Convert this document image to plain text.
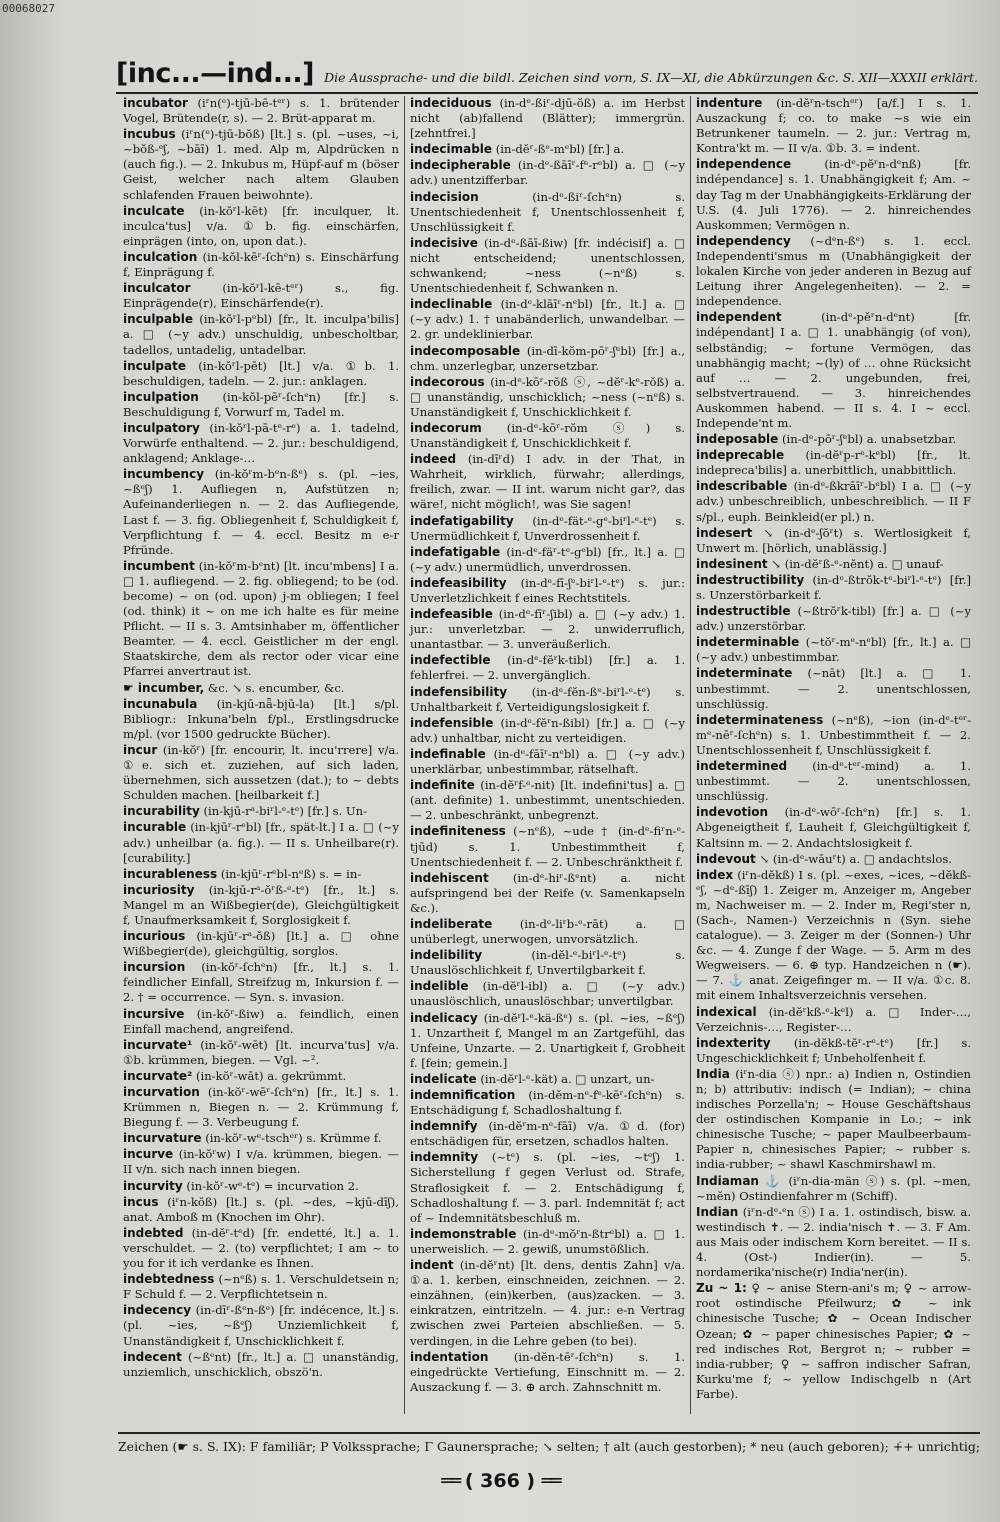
00068027
[inc...—ind...] Die Aussprache- und die bildl. Zeichen sind vorn, S. IX—XI, die Abkürzungen &c. S. XII—XXXII erklärt.
incubator (iʳn(ᵉ)-tjū-bē-tᵉʳ) s. 1. brütender Vogel, Brütende(r, s). — 2. Brüt-apparat m.
incubus (iʳn(ᵉ)-tjū-bŏß) [lt.] s. (pl. ~uses, ~i, ~bŏß-ᵉʃ, ~bāī) 1. med. Alp m, Alpdrücken n (auch fig.). — 2. Inkubus m, Hüpf-auf m (böser Geist, welcher nach altem Glauben schlafenden Frauen beiwohnte).
inculcate (in-kŏʳl-kēt) [fr. inculquer, lt. inculca'tus] v/a. ①b. fig. einschärfen, einprägen (into, on, upon dat.).
inculcation (in-kŏl-kēʳ-ſchᵉn) s. Einschärfung f, Einprägung f.
inculcator	(in-kŏʳl-kē-tᵉʳ) s., fig. Einprägende(r), Einschärfende(r).
inculpable (in-kŏʳl-pᵉbl) [fr., lt. inculpa'bilis] a. □ (~y adv.) unschuldig, unbescholtbar, tadellos, untadelig, untadelbar.
inculpate (in-kŏʳl-pēt) [lt.] v/a. ①b. 1. beschuldigen, tadeln. — 2. jur.: anklagen.
inculpation (in-kŏl-pēʳ-ſchᵉn) [fr.] s. Beschuldigung f, Vorwurf m, Tadel m.
inculpatory (in-kŏʳl-pā-tᵉ-rᵉ) a. 1. tadelnd, Vorwürfe enthaltend. — 2. jur.: beschuldigend, anklagend; Anklage-…
incumbency (in-kŏʳm-bᵉn-ßᵉ) s. (pl. ~ies, ~ßᵉʃ) 1. Aufliegen n, Aufstützen n; Aufeinanderliegen n. — 2. das Aufliegende, Last f. — 3. fig. Obliegenheit f, Schuldigkeit f, Verpflichtung f. — 4. eccl. Besitz m e-r Pfründe.
incumbent (in-kŏʳm-bᵉnt) [lt. incu'mbens] I a. □ 1. aufliegend. — 2. fig. obliegend; to be (od. become) ~ on (od. upon) j-m obliegen; I feel (od. think) it ~ on me ich halte es für meine Pflicht. — II s. 3. Amtsinhaber m, öffentlicher Beamter. — 4. eccl. Geistlicher m der engl. Staatskirche, dem als rector oder vicar eine Pfarrei anvertraut ist.
☛ incumber, &c. ↘ s. encumber, &c.
incunabula (in-kjū-nǟ-bjū-la) [lt.] s/pl. Bibliogr.: Inkuna'beln f/pl., Erstlingsdrucke m/pl. (vor 1500 gedruckte Bücher).
incur (in-kŏʳ) [fr. encourir, lt. incu'rrere] v/a. ①e. sich et. zuziehen, auf sich laden, übernehmen, sich aussetzen (dat.); to ~ debts Schulden machen. [heilbarkeit f.]
incurability (in-kjū-rᵃ-biʳl-ᵉ-tᵉ) [fr.] s. Un-
incurable (in-kjūʳ-rᵉbl) [fr., spät-lt.] I a. □ (~y adv.) unheilbar (a. fig.). — II s. Unheilbare(r). [curability.]
incurableness (in-kjūʳ-rᵉbl-nᵉß) s. = in-
incuriosity (in-kjū-rᵃ-ŏʳß-ᵉ-tᵉ) [fr., lt.] s. Mangel m an Wißbegier(de), Gleichgültigkeit f, Unaufmerksamkeit f, Sorglosigkeit f.
incurious (in-kjūʳ-rᵃ-ŏß) [lt.] a. □ ohne Wißbegier(de), gleichgültig, sorglos.
incursion (in-kŏʳ-ſchᵉn) [fr., lt.] s. 1. feindlicher Einfall, Streifzug m, Inkursion f. — 2. † = occurrence. — Syn. s. invasion.
incursive (in-kŏʳ-ßiw) a. feindlich, einen Einfall machend, angreifend.
incurvate¹ (in-kŏʳ-wēt) [lt. incurva'tus] v/a. ①b. krümmen, biegen. — Vgl. ~².
incurvate² (in-kŏʳ-wāt) a. gekrümmt.
incurvation (in-kŏʳ-wēʳ-ſchᵉn) [fr., lt.] s. 1. Krümmen n, Biegen n. — 2. Krümmung f, Biegung f. — 3. Verbeugung f.
incurvature (in-kŏʳ-wᵉ-tschᵉʳ) s. Krümme f.
incurve (in-kŏʳw) I v/a. krümmen, biegen. — II v/n. sich nach innen biegen.
incurvity (in-kŏʳ-wᵉ-tᵉ) = incurvation 2.
incus (iʳn-kŏß) [lt.] s. (pl. ~des, ~kjū-dīʃ), anat. Amboß m (Knochen im Ohr).
indebted (in-dĕʳ-tᵉd) [fr. endetté, lt.] a. 1. verschuldet. — 2. (to) verpflichtet; I am ~ to you for it ich verdanke es Ihnen.
indebtedness (~nᵉß) s. 1. Verschuldetsein n; F Schuld f. — 2. Verpflichtetsein n.
indecency (in-dīʳ-ßᵉn-ßᵉ) [fr. indécence, lt.] s. (pl. ~ies, ~ßᵉʃ) Unziemlichkeit f, Unanständigkeit f, Unschicklichkeit f.
indecent (~ßᵉnt) [fr., lt.] a. □ unanständig, unziemlich, unschicklich, obszö'n.
indeciduous (in-dᵉ-ßiʳ-djū-ŏß) a. im Herbst nicht (ab)fallend (Blätter); immergrün. [zehntfrei.]
indecimable (in-dĕʳ-ßᵉ-mᵉbl) [fr.] a.
indecipherable (in-dᵉ-ßāīʳ-fᵉ-rᵉbl) a. □ (~y adv.) unentzifferbar.
indecision	(in-dᵉ-ßiʳ-ſchᵉn) s. Unentschiedenheit f, Unentschlossenheit f, Unschlüssigkeit f.
indecisive (in-dᵉ-ßāī-ßiw) [fr. indécisif] a. □ nicht entscheidend; unentschlossen, schwankend; ~ness (~nᵉß) s. Unentschiedenheit f, Schwanken n.
indeclinable (in-dᵉ-klāīʳ-nᵉbl) [fr., lt.] a. □ (~y adv.) 1. † unabänderlich, unwandelbar. — 2. gr. undeklinierbar.
indecomposable (in-dī-kŏm-pōʳ-ʃᵉbl) [fr.] a., chm. unzerlegbar, unzersetzbar.
indecorous (in-dᵉ-kōʳ-rŏß ⓢ, ~dĕʳ-kᵉ-rŏß) a. □ unanständig, unschicklich; ~ness (~nᵉß) s. Unanständigkeit f, Unschicklichkeit f.
indecorum (in-dᵉ-kōʳ-rŏm ⓢ) s. Unanständigkeit f, Unschicklichkeit f.
indeed (in-dīʳd) I adv. in der That, in Wahrheit, wirklich, fürwahr; allerdings, freilich, zwar. — II int. warum nicht gar?, das wäre!, nicht möglich!, was Sie sagen!
indefatigability (in-dᵉ-fät-ᵉ-gᵉ-biʳl-ᵉ-tᵉ) s. Unermüdlichkeit f, Unverdrossenheit f.
indefatigable (in-dᵉ-fäʳ-tᵉ-gᵉbl) [fr., lt.] a. □ (~y adv.) unermüdlich, unverdrossen.
indefeasibility (in-dᵉ-fī-ʃᵉ-biʳl-ᵉ-tᵉ) s. jur.: Unverletzlichkeit f eines Rechtstitels.
indefeasible (in-dᵉ-fīʳ-ʃibl) a. □ (~y adv.) 1. jur.: unverletzbar. — 2. unwiderruflich, unantastbar. — 3. unveräußerlich.
indefectible (in-dᵉ-fĕʳk-tibl) [fr.] a. 1. fehlerfrei. — 2. unvergänglich.
indefensibility (in-dᵉ-fĕn-ßᵉ-biʳl-ᵉ-tᵉ) s. Unhaltbarkeit f, Verteidigungslosigkeit f.
indefensible (in-dᵉ-fĕʳn-ßibl) [fr.] a. □ (~y adv.) unhaltbar, nicht zu verteidigen.
indefinable (in-dᵉ-fāīʳ-nᵉbl) a. □ (~y adv.) unerklärbar, unbestimmbar, rätselhaft.
indefinite (in-dĕʳf-ᵉ-nit) [lt. indefini'tus] a. □ (ant. definite) 1. unbestimmt, unentschieden. — 2. unbeschränkt, unbegrenzt.
indefiniteness (~nᵉß), ~ude † (in-dᵉ-fiʳn-ᵉ-tjūd) s. 1. Unbestimmtheit f, Unentschiedenheit f. — 2. Unbeschränktheit f.
indehiscent (in-dᵉ-hiʳ-ßᵉnt) a. nicht aufspringend bei der Reife (v. Samenkapseln &c.).
indeliberate (in-dᵉ-liʳb-ᵉ-rāt) a. □ unüberlegt, unerwogen, unvorsätzlich.
indelibility	(in-dĕl-ᵉ-biʳl-ᵉ-tᵉ) s. Unauslöschlichkeit f, Unvertilgbarkeit f.
indelible (in-dĕʳl-ibl) a. □ (~y adv.) unauslöschlich, unauslöschbar; unvertilgbar.
indelicacy (in-dĕʳl-ᵉ-kä-ßᵉ) s. (pl. ~ies, ~ßᵉʃ) 1. Unzartheit f, Mangel m an Zartgefühl, das Unfeine, Unzarte. — 2. Unartigkeit f, Grobheit f. [fein; gemein.]
indelicate (in-dĕʳl-ᵉ-kät) a. □ unzart, un-
indemnification (in-dĕm-nᵉ-fᵉ-kēʳ-ſchᵉn) s. Entschädigung f, Schadloshaltung f.
indemnify (in-dĕʳm-nᵉ-fāī) v/a. ①d. (for) entschädigen für, ersetzen, schadlos halten.
indemnity (~tᵉ) s. (pl. ~ies, ~tᵉʃ) 1. Sicherstellung f gegen Verlust od. Strafe, Straflosigkeit f. — 2. Entschädigung f, Schadloshaltung f. — 3. parl. Indemnität f; act of ~ Indemnitätsbeschluß m.
indemonstrable (in-dᵉ-mŏʳn-ßtrᵉbl) a. □ 1. unerweislich. — 2. gewiß, unumstößlich.
indent (in-dĕʳnt) [lt. dens, dentis Zahn] v/a. ①a. 1. kerben, einschneiden, zeichnen. — 2. einzähnen, (ein)kerben, (aus)zacken. — 3. einkratzen, eintritzeln. — 4. jur.: e-n Vertrag zwischen zwei Parteien abschließen. — 5. verdingen, in die Lehre geben (to bei).
indentation (in-dĕn-tēʳ-ſchᵉn) s. 1. eingedrückte Vertiefung, Einschnitt m. — 2. Auszackung f. — 3. ⊕ arch. Zahnschnitt m.
indenture (in-dĕʳn-tschᵉʳ) [a/f.] I s. 1. Auszackung f; co. to make ~s wie ein Betrunkener taumeln. — 2. jur.: Vertrag m, Kontra'kt m. — II v/a. ①b. 3. = indent.
independence	(in-dᵉ-pĕʳn-dᵉnß) [fr. indépendance] s. 1. Unabhängigkeit f; Am. ~ day Tag m der Unabhängigkeits-Erklärung der U.S. (4. Juli 1776). — 2. hinreichendes Auskommen; Vermögen n.
independency (~dᵉn-ßᵉ) s. 1. eccl. Independenti'smus m (Unabhängigkeit der lokalen Kirche von jeder anderen in Bezug auf Leitung ihrer Angelegenheiten). — 2. = independence.
independent	(in-dᵉ-pĕʳn-dᵉnt) [fr. indépendant] I a. □ 1. unabhängig (of von), selbständig; ~ fortune Vermögen, das unabhängig macht; ~(ly) of … ohne Rücksicht auf … — 2. ungebunden, frei, selbstvertrauend. — 3. hinreichendes Auskommen habend. — II s. 4. I ~ eccl. Independe'nt m.
indeposable (in-dᵉ-pōʳ-ʃᵉbl) a. unabsetzbar.
indeprecable (in-dĕʳp-rᵉ-kᵉbl) [fr., lt. indepreca'bilis] a. unerbittlich, unabbittlich.
indescribable (in-dᵉ-ßkrāīʳ-bᵉbl) I a. □ (~y adv.) unbeschreiblich, unbeschreiblich. — II F s/pl., euph. Beinkleid(er pl.) n.
indesert ↘ (in-dᵉ-ʃŏʳt) s. Wertlosigkeit f, Unwert m. [hörlich, unablässig.]
indesinent ↘ (in-dĕʳß-ᵉ-nĕnt) a. □ unauf-
indestructibility (in-dᵉ-ßtrŏk-tᵉ-biʳl-ᵉ-tᵉ) [fr.] s. Unzerstörbarkeit f.
indestructible (~ßtrŏʳk-tibl) [fr.] a. □ (~y adv.) unzerstörbar.
indeterminable (~tŏʳ-mᵉ-nᵉbl) [fr., lt.] a. □ (~y adv.) unbestimmbar.
indeterminate (~nāt) [lt.] a. □ 1. unbestimmt. — 2. unentschlossen, unschlüssig.
indeterminateness (~nᵉß), ~ion (in-dᵉ-tᵉʳ-mᵉ-nēʳ-ſchᵉn) s. 1. Unbestimmtheit f. — 2. Unentschlossenheit f, Unschlüssigkeit f.
indetermined (in-dᵉ-tᵉʳ-mind) a. 1. unbestimmt. — 2. unentschlossen, unschlüssig.
indevotion (in-dᵉ-wōʳ-ſchᵉn) [fr.] s. 1. Abgeneigtheit f, Lauheit f, Gleichgültigkeit f, Kaltsinn m. — 2. Andachtslosigkeit f.
indevout ↘ (in-dᵉ-wāuʳt) a. □ andachtslos.
index (iʳn-dĕkß) I s. (pl. ~exes, ~ices, ~dĕkß-ᵉʃ, ~dᵉ-ßīʃ) 1. Zeiger m, Anzeiger m, Angeber m, Nachweiser m. — 2. Inder m, Regi'ster n, (Sach-, Namen-) Verzeichnis n (Syn. siehe catalogue). — 3. Zeiger m der (Sonnen-) Uhr &c. — 4. Zunge f der Wage. — 5. Arm m des Wegweisers. — 6. ⊕ typ. Handzeichen n (☛). — 7. ⚓ anat. Zeigefinger m. — II v/a. ①c. 8. mit einem Inhaltsverzeichnis versehen.
indexical (in-dĕʳkß-ᵉ-kᵉl) a. □ Inder-…, Verzeichnis-…, Register-…
indexterity (in-dĕkß-tĕʳ-rᵉ-tᵉ) [fr.] s. Ungeschicklichkeit f; Unbeholfenheit f.
India (iʳn-dia ⓢ) npr.: a) Indien n, Ostindien n; b) attributiv: indisch (= Indian); ~ china indisches Porzella'n; ~ House Geschäftshaus der ostindischen Kompanie in Lo.; ~ ink chinesische Tusche; ~ paper Maulbeerbaum-Papier n, chinesisches Papier; ~ rubber s. india-rubber; ~ shawl Kaschmirshawl m.
Indiaman ⚓ (iʳn-dia-män ⓢ) s. (pl. ~men, ~mĕn) Ostindienfahrer m (Schiff).
Indian (iʳn-dᵉ-ᵉn ⓢ) I a. 1. ostindisch, bisw. a. westindisch ✝. — 2. india'nisch ✝. — 3. F Am. aus Mais oder indischem Korn bereitet. — II s. 4. (Ost-) Indier(in). — 5. nordamerika'nische(r) India'ner(in).
Zu ~ 1: ♀ ~ anise Stern-ani's m; ♀ ~ arrow-root ostindische Pfeilwurz; ✿ ~ ink chinesische Tusche; ✿ ~ Ocean Indischer Ozean; ✿ ~ paper chinesisches Papier; ✿ ~ red indisches Rot, Bergrot n; ~ rubber = india-rubber; ♀ ~ saffron indischer Safran, Kurku'me f; ~ yellow Indischgelb n (Art Farbe).
Zeichen (☛ s. S. IX): F familiär; P Volkssprache; Γ Gaunersprache; ↘ selten; † alt (auch gestorben); * neu (auch geboren); +̇+ unrichtig;
══ ( 366 ) ══
